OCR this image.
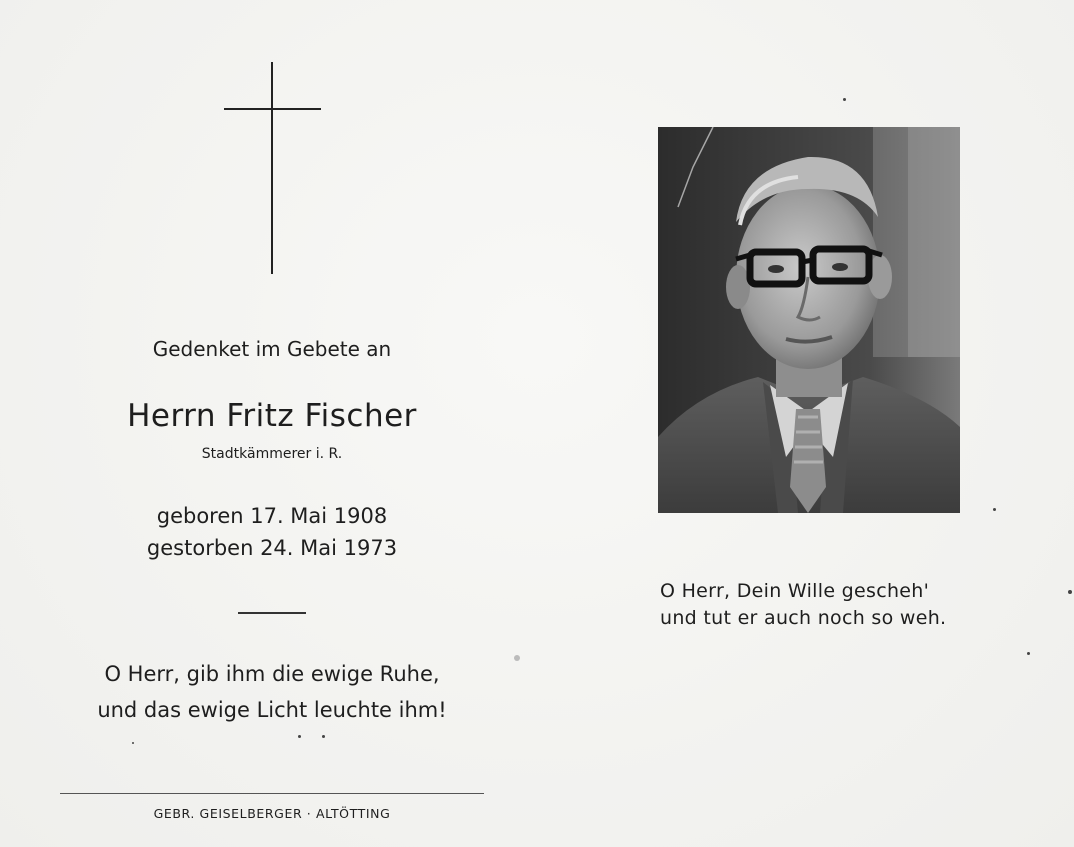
Gedenket im Gebete an
Herrn Fritz Fischer
Stadtkämmerer i. R.
geboren 17. Mai 1908
gestorben 24. Mai 1973
O Herr, gib ihm die ewige Ruhe,
und das ewige Licht leuchte ihm!
GEBR. GEISELBERGER · ALTÖTTING
O Herr, Dein Wille gescheh'
und tut er auch noch so weh.
